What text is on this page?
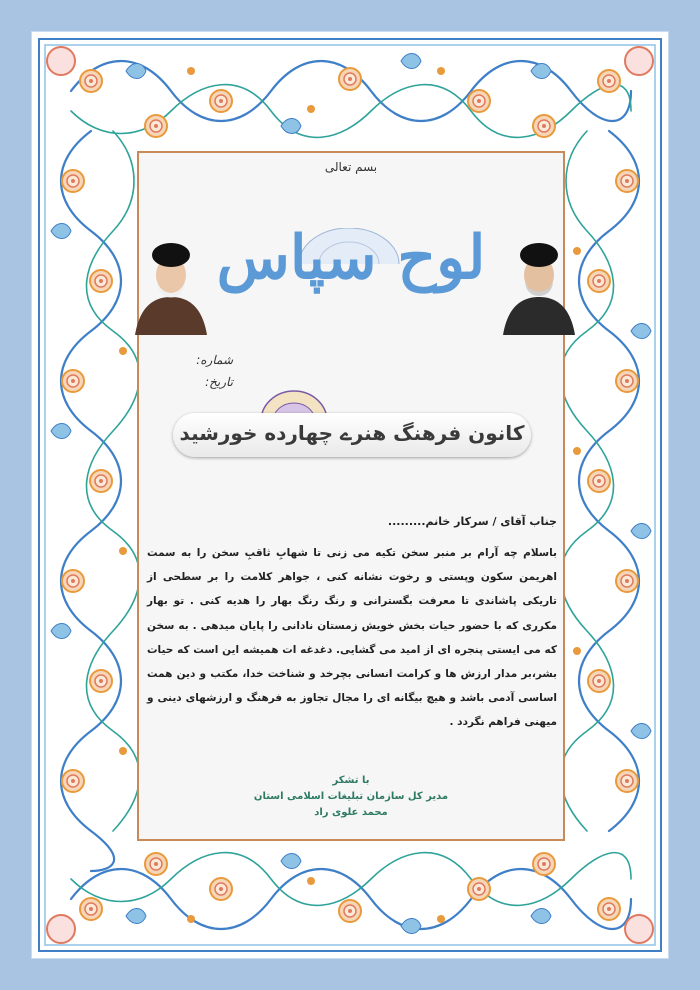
بسم تعالی
لوح سپاس
شماره:
تاریخ:
کانون فرهنگ هنرے چهارده خورشید
جناب آقای / سرکار خانم.........
باسلام چه آرام بر منبر سخن تکیه می زنی تا شهابِ ثاقبِ سخن را به سمت اهریمن سکون وپستی و رخوت نشانه کنی ، جواهر کلامت را بر سطحی از تاریکی پاشاندی تا معرفت بگسترانی و رنگ رنگ بهار را هدیه کنی . تو بهار مکرری که با حضور حیات بخش خویش زمستان نادانی را پایان میدهی . به سخن که می ایستی پنجره ای از امید می گشایی. دغدغه ات همیشه این است که حیات بشر،بر مدار ارزش ها و کرامت انسانی بچرخد و شناخت خدا، مکتب و دین همت اساسی آدمی باشد و هیچ بیگانه ای را مجال تجاوز به فرهنگ و ارزشهای دینی و میهنی فراهم نگردد .
با تشکر
مدیر کل سازمان تبلیغات اسلامی استان
محمد علوی راد
